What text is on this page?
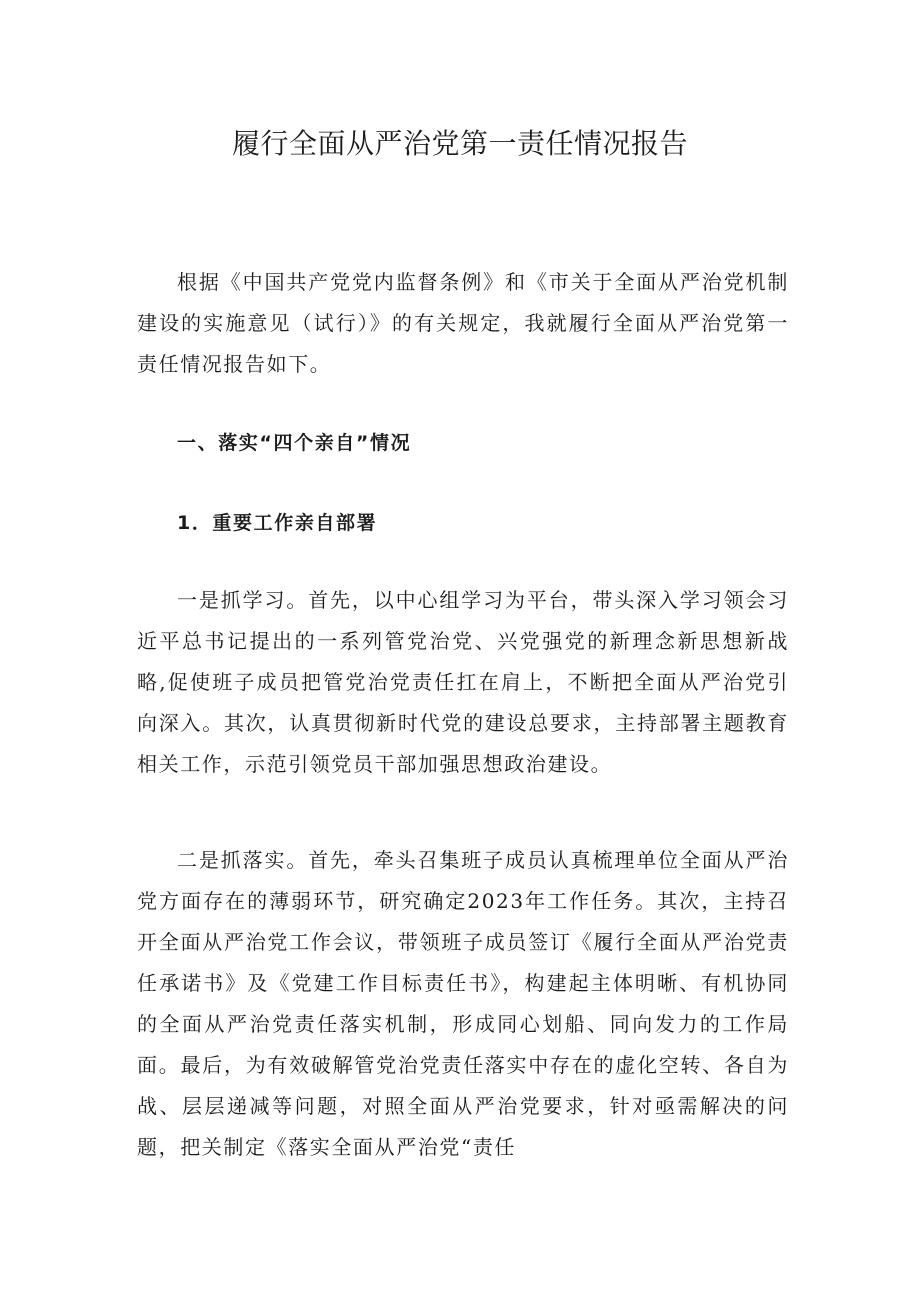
履行全面从严治党第一责任情况报告

根据《中国共产党党内监督条例》和《市关于全面从严治党机制建设的实施意见（试行）》的有关规定，我就履行全面从严治党第一责任情况报告如下。

一、落实“四个亲自”情况

1．重要工作亲自部署

一是抓学习。首先，以中心组学习为平台，带头深入学习领会习近平总书记提出的一系列管党治党、兴党强党的新理念新思想新战略,促使班子成员把管党治党责任扛在肩上，不断把全面从严治党引向深入。其次，认真贯彻新时代党的建设总要求，主持部署主题教育相关工作，示范引领党员干部加强思想政治建设。

二是抓落实。首先，牵头召集班子成员认真梳理单位全面从严治党方面存在的薄弱环节，研究确定2023年工作任务。其次，主持召开全面从严治党工作会议，带领班子成员签订《履行全面从严治党责任承诺书》及《党建工作目标责任书》，构建起主体明晰、有机协同的全面从严治党责任落实机制，形成同心划船、同向发力的工作局面。最后，为有效破解管党治党责任落实中存在的虚化空转、各自为战、层层递减等问题，对照全面从严治党要求，针对亟需解决的问题，把关制定《落实全面从严治党“责任
